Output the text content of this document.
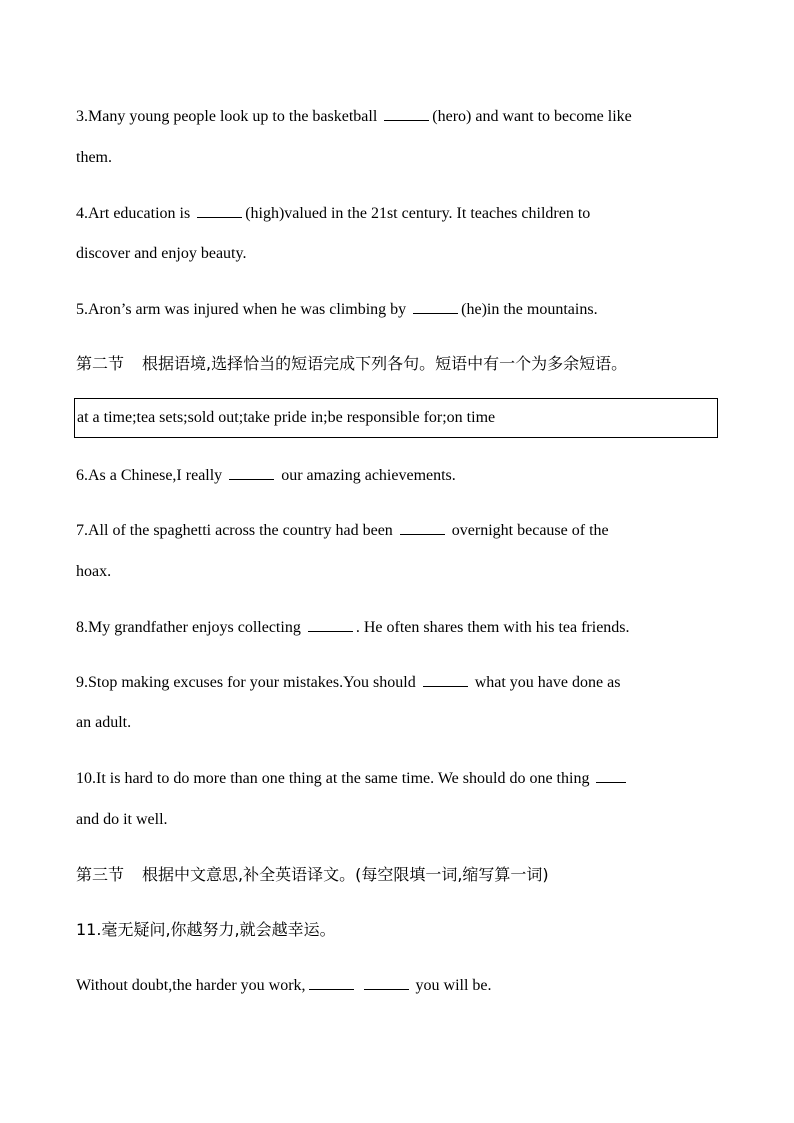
3.Many young people look up to the basketball	(hero) and want to become like
them.
4.Art education is	(high)valued in the 21st century. It teaches children to
discover and enjoy beauty.
5.Aron’s arm was injured when he was climbing by	(he)in the mountains.
第二节 根据语境,选择恰当的短语完成下列各句。短语中有一个为多余短语。
at a time;tea sets;sold out;take pride in;be responsible for;on time
6.As a Chinese,I really	our amazing achievements.
7.All of the spaghetti across the country had been	overnight because of the
hoax.
8.My grandfather enjoys collecting	. He often shares them with his tea friends.
9.Stop making excuses for your mistakes.You should	what you have done as
an adult.
10.It is hard to do more than one thing at the same time. We should do one thing
and do it well.
第三节 根据中文意思,补全英语译文。(每空限填一词,缩写算一词)
11.毫无疑问,你越努力,就会越幸运。
Without doubt,the harder you work,	you will be.
